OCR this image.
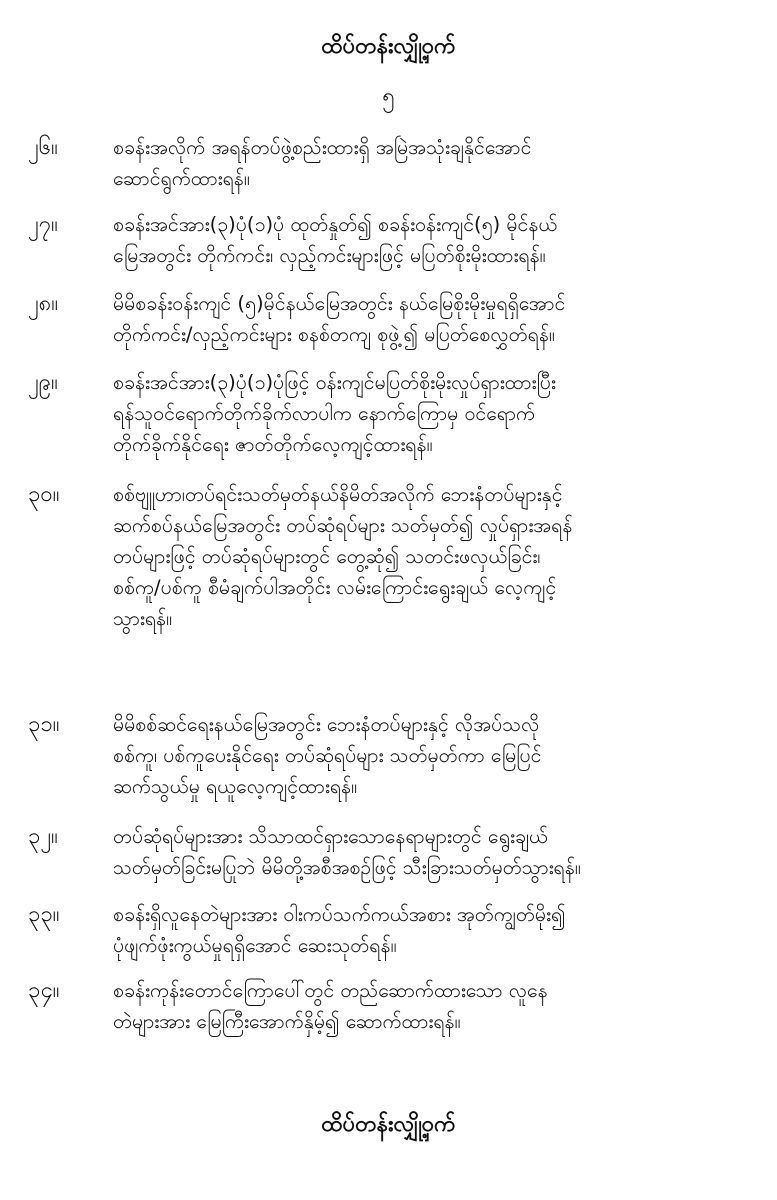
ထိပ်တန်းလျှို့ဝှက်
၅
၂၆။	စခန်းအလိုက် အရန်တပ်ဖွဲ့စည်းထားရှိ အမြဲအသုံးချနိုင်အောင်
ဆောင်ရွက်ထားရန်။
၂၇။	စခန်းအင်အား(၃)ပုံ(၁)ပုံ ထုတ်နှုတ်၍ စခန်းဝန်းကျင်(၅) မိုင်နယ်
မြေအတွင်း တိုက်ကင်း၊ လှည့်ကင်းများဖြင့် မပြတ်စိုးမိုးထားရန်။
၂၈။	မိမိစခန်းဝန်းကျင် (၅)မိုင်နယ်မြေအတွင်း နယ်မြေစိုးမိုးမှုရရှိအောင်
တိုက်ကင်း/လှည့်ကင်းများ စနစ်တကျ စုဖွဲ့၍ မပြတ်စေလွှတ်ရန်။
၂၉။	စခန်းအင်အား(၃)ပုံ(၁)ပုံဖြင့် ဝန်းကျင်မပြတ်စိုးမိုးလှုပ်ရှားထားပြီး
ရန်သူဝင်ရောက်တိုက်ခိုက်လာပါက နောက်ကြောမှ ဝင်ရောက်
တိုက်ခိုက်နိုင်ရေး ဇာတ်တိုက်လေ့ကျင့်ထားရန်။
၃၀။	စစ်ဗျူဟာ၊တပ်ရင်းသတ်မှတ်နယ်နိမိတ်အလိုက် ဘေးနံတပ်များနှင့်
ဆက်စပ်နယ်မြေအတွင်း တပ်ဆုံရပ်များ သတ်မှတ်၍ လှုပ်ရှားအရန်
တပ်များဖြင့် တပ်ဆုံရပ်များတွင် တွေ့ဆုံ၍ သတင်းဖလှယ်ခြင်း၊
စစ်ကူ/ပစ်ကူ စီမံချက်ပါအတိုင်း လမ်းကြောင်းရွေးချယ် လေ့ကျင့်
သွားရန်။
၃၁။	မိမိစစ်ဆင်ရေးနယ်မြေအတွင်း ဘေးနံတပ်များနှင့် လိုအပ်သလို
စစ်ကူ၊ ပစ်ကူပေးနိုင်ရေး တပ်ဆုံရပ်များ သတ်မှတ်ကာ မြေပြင်
ဆက်သွယ်မှု ရယူလေ့ကျင့်ထားရန်။
၃၂။	တပ်ဆုံရပ်များအား သိသာထင်ရှားသောနေရာများတွင် ရွေးချယ်
သတ်မှတ်ခြင်းမပြုဘဲ မိမိတို့အစီအစဉ်ဖြင့် သီးခြားသတ်မှတ်သွားရန်။
၃၃။	စခန်းရှိလူနေတဲများအား ဝါးကပ်သက်ကယ်အစား အုတ်ကျွတ်မိုး၍
ပုံဖျက်ဖုံးကွယ်မှုရရှိအောင် ဆေးသုတ်ရန်။
၃၄။	စခန်းကုန်းတောင်ကြောပေါ်တွင် တည်ဆောက်ထားသော လူနေ
တဲများအား မြေကြီးအောက်နှိမ့်၍ ဆောက်ထားရန်။
ထိပ်တန်းလျှို့ဝှက်
